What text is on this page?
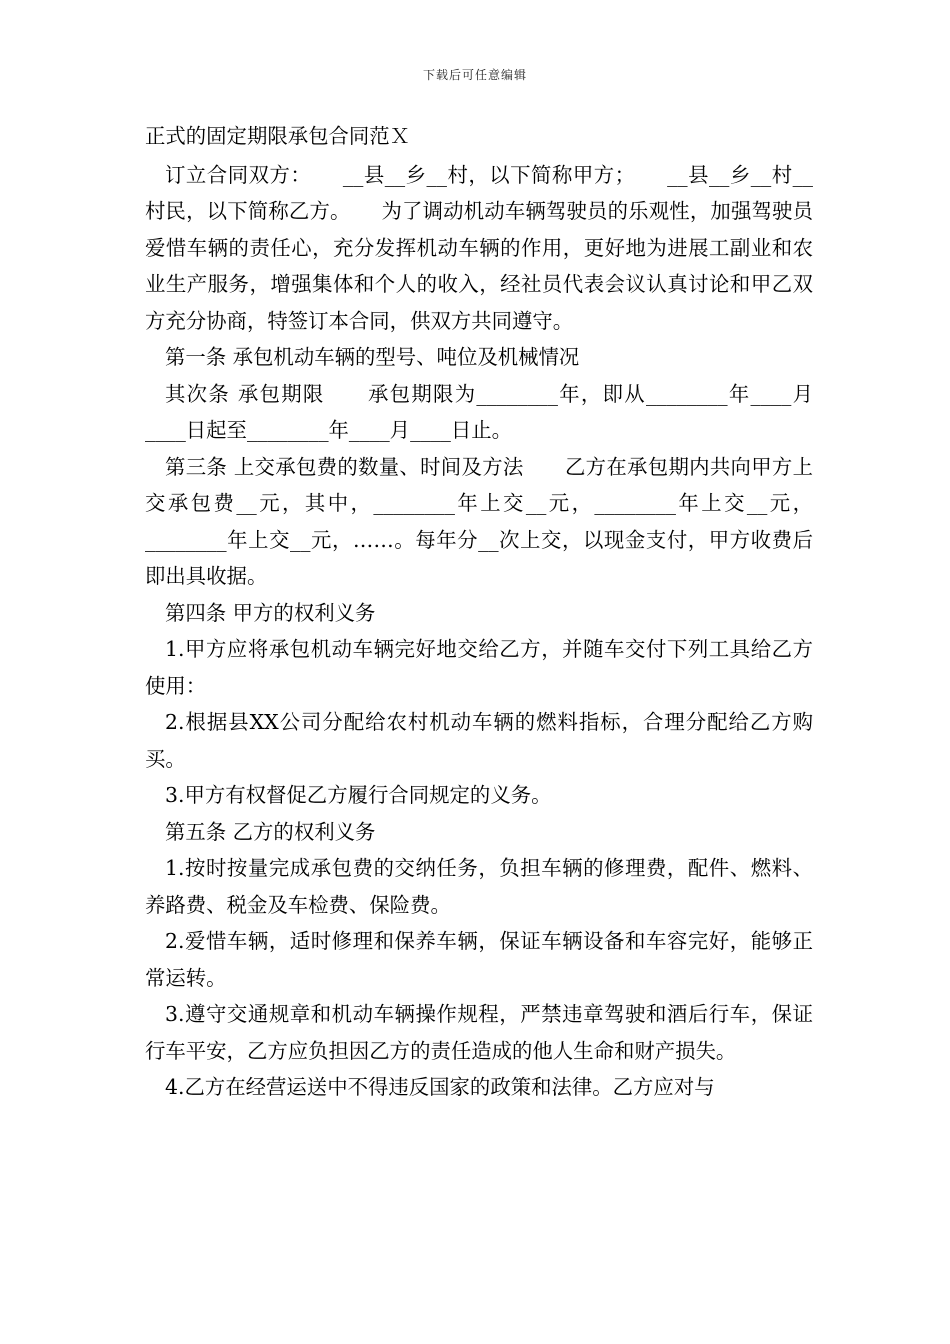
下载后可任意编辑

正式的固定期限承包合同范Ｘ

订立合同双方：　　__县__乡__村，以下简称甲方；　　__县__乡__村__村民，以下简称乙方。　　为了调动机动车辆驾驶员的乐观性，加强驾驶员爱惜车辆的责任心，充分发挥机动车辆的作用，更好地为进展工副业和农业生产服务，增强集体和个人的收入，经社员代表会议认真讨论和甲乙双方充分协商，特签订本合同，供双方共同遵守。

第一条 承包机动车辆的型号、吨位及机械情况

其次条 承包期限　　承包期限为________年，即从________年____月____日起至________年____月____日止。

第三条 上交承包费的数量、时间及方法　　乙方在承包期内共向甲方上交承包费__元，其中，________年上交__元，________年上交__元，________年上交__元，……。每年分__次上交，以现金支付，甲方收费后即出具收据。

第四条 甲方的权利义务

1.甲方应将承包机动车辆完好地交给乙方，并随车交付下列工具给乙方使用：

2.根据县XX公司分配给农村机动车辆的燃料指标，合理分配给乙方购买。

3.甲方有权督促乙方履行合同规定的义务。

第五条 乙方的权利义务

1.按时按量完成承包费的交纳任务，负担车辆的修理费，配件、燃料、养路费、税金及车检费、保险费。

2.爱惜车辆，适时修理和保养车辆，保证车辆设备和车容完好，能够正常运转。

3.遵守交通规章和机动车辆操作规程，严禁违章驾驶和酒后行车，保证行车平安，乙方应负担因乙方的责任造成的他人生命和财产损失。

4.乙方在经营运送中不得违反国家的政策和法律。乙方应对与
